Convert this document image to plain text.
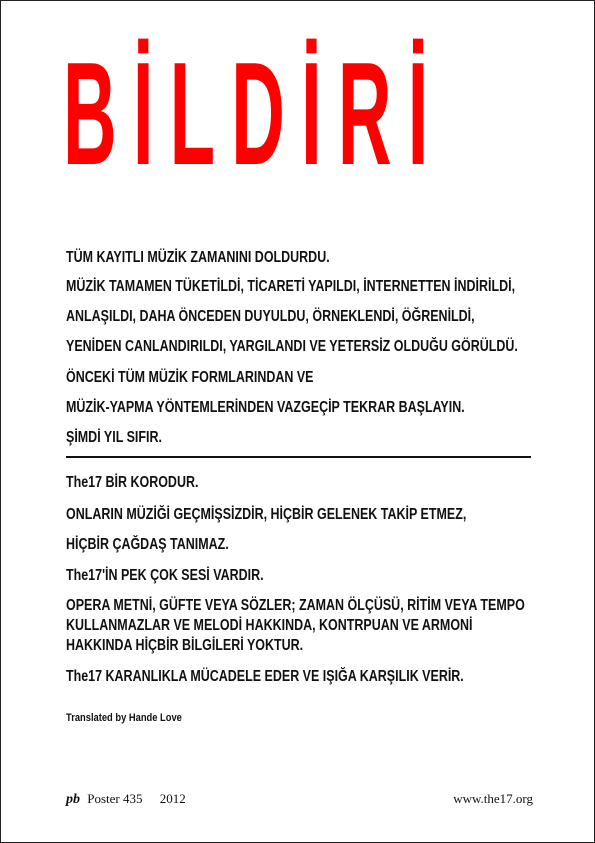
BİLDİRİ
TÜM KAYITLI MÜZİK ZAMANINI DOLDURDU.
MÜZİK TAMAMEN TÜKETİLDİ, TİCARETİ YAPILDI, İNTERNETTEN İNDİRİLDİ,
ANLAŞILDI, DAHA ÖNCEDEN DUYULDU, ÖRNEKLENDİ, ÖĞRENİLDİ,
YENİDEN CANLANDIRILDI, YARGILANDI VE YETERSİZ OLDUĞU GÖRÜLDÜ.
ÖNCEKİ TÜM MÜZİK FORMLARINDAN VE
MÜZİK-YAPMA YÖNTEMLERİNDEN VAZGEÇİP TEKRAR BAŞLAYIN.
ŞİMDİ YIL SIFIR.
The17 BİR KORODUR.
ONLARIN MÜZİĞİ GEÇMİŞSİZDİR, HİÇBİR GELENEK TAKİP ETMEZ,
HİÇBİR ÇAĞDAŞ TANIMAZ.
The17'İN PEK ÇOK SESİ VARDIR.
OPERA METNİ, GÜFTE VEYA SÖZLER; ZAMAN ÖLÇÜSÜ, RİTİM VEYA TEMPO
KULLANMAZLAR VE MELODİ HAKKINDA, KONTRPUAN VE ARMONİ
HAKKINDA HİÇBİR BİLGİLERİ YOKTUR.
The17 KARANLIKLA MÜCADELE EDER VE IŞIĞA KARŞILIK VERİR.
Translated by Hande Love
pb Poster 435 2012	www.the17.org
